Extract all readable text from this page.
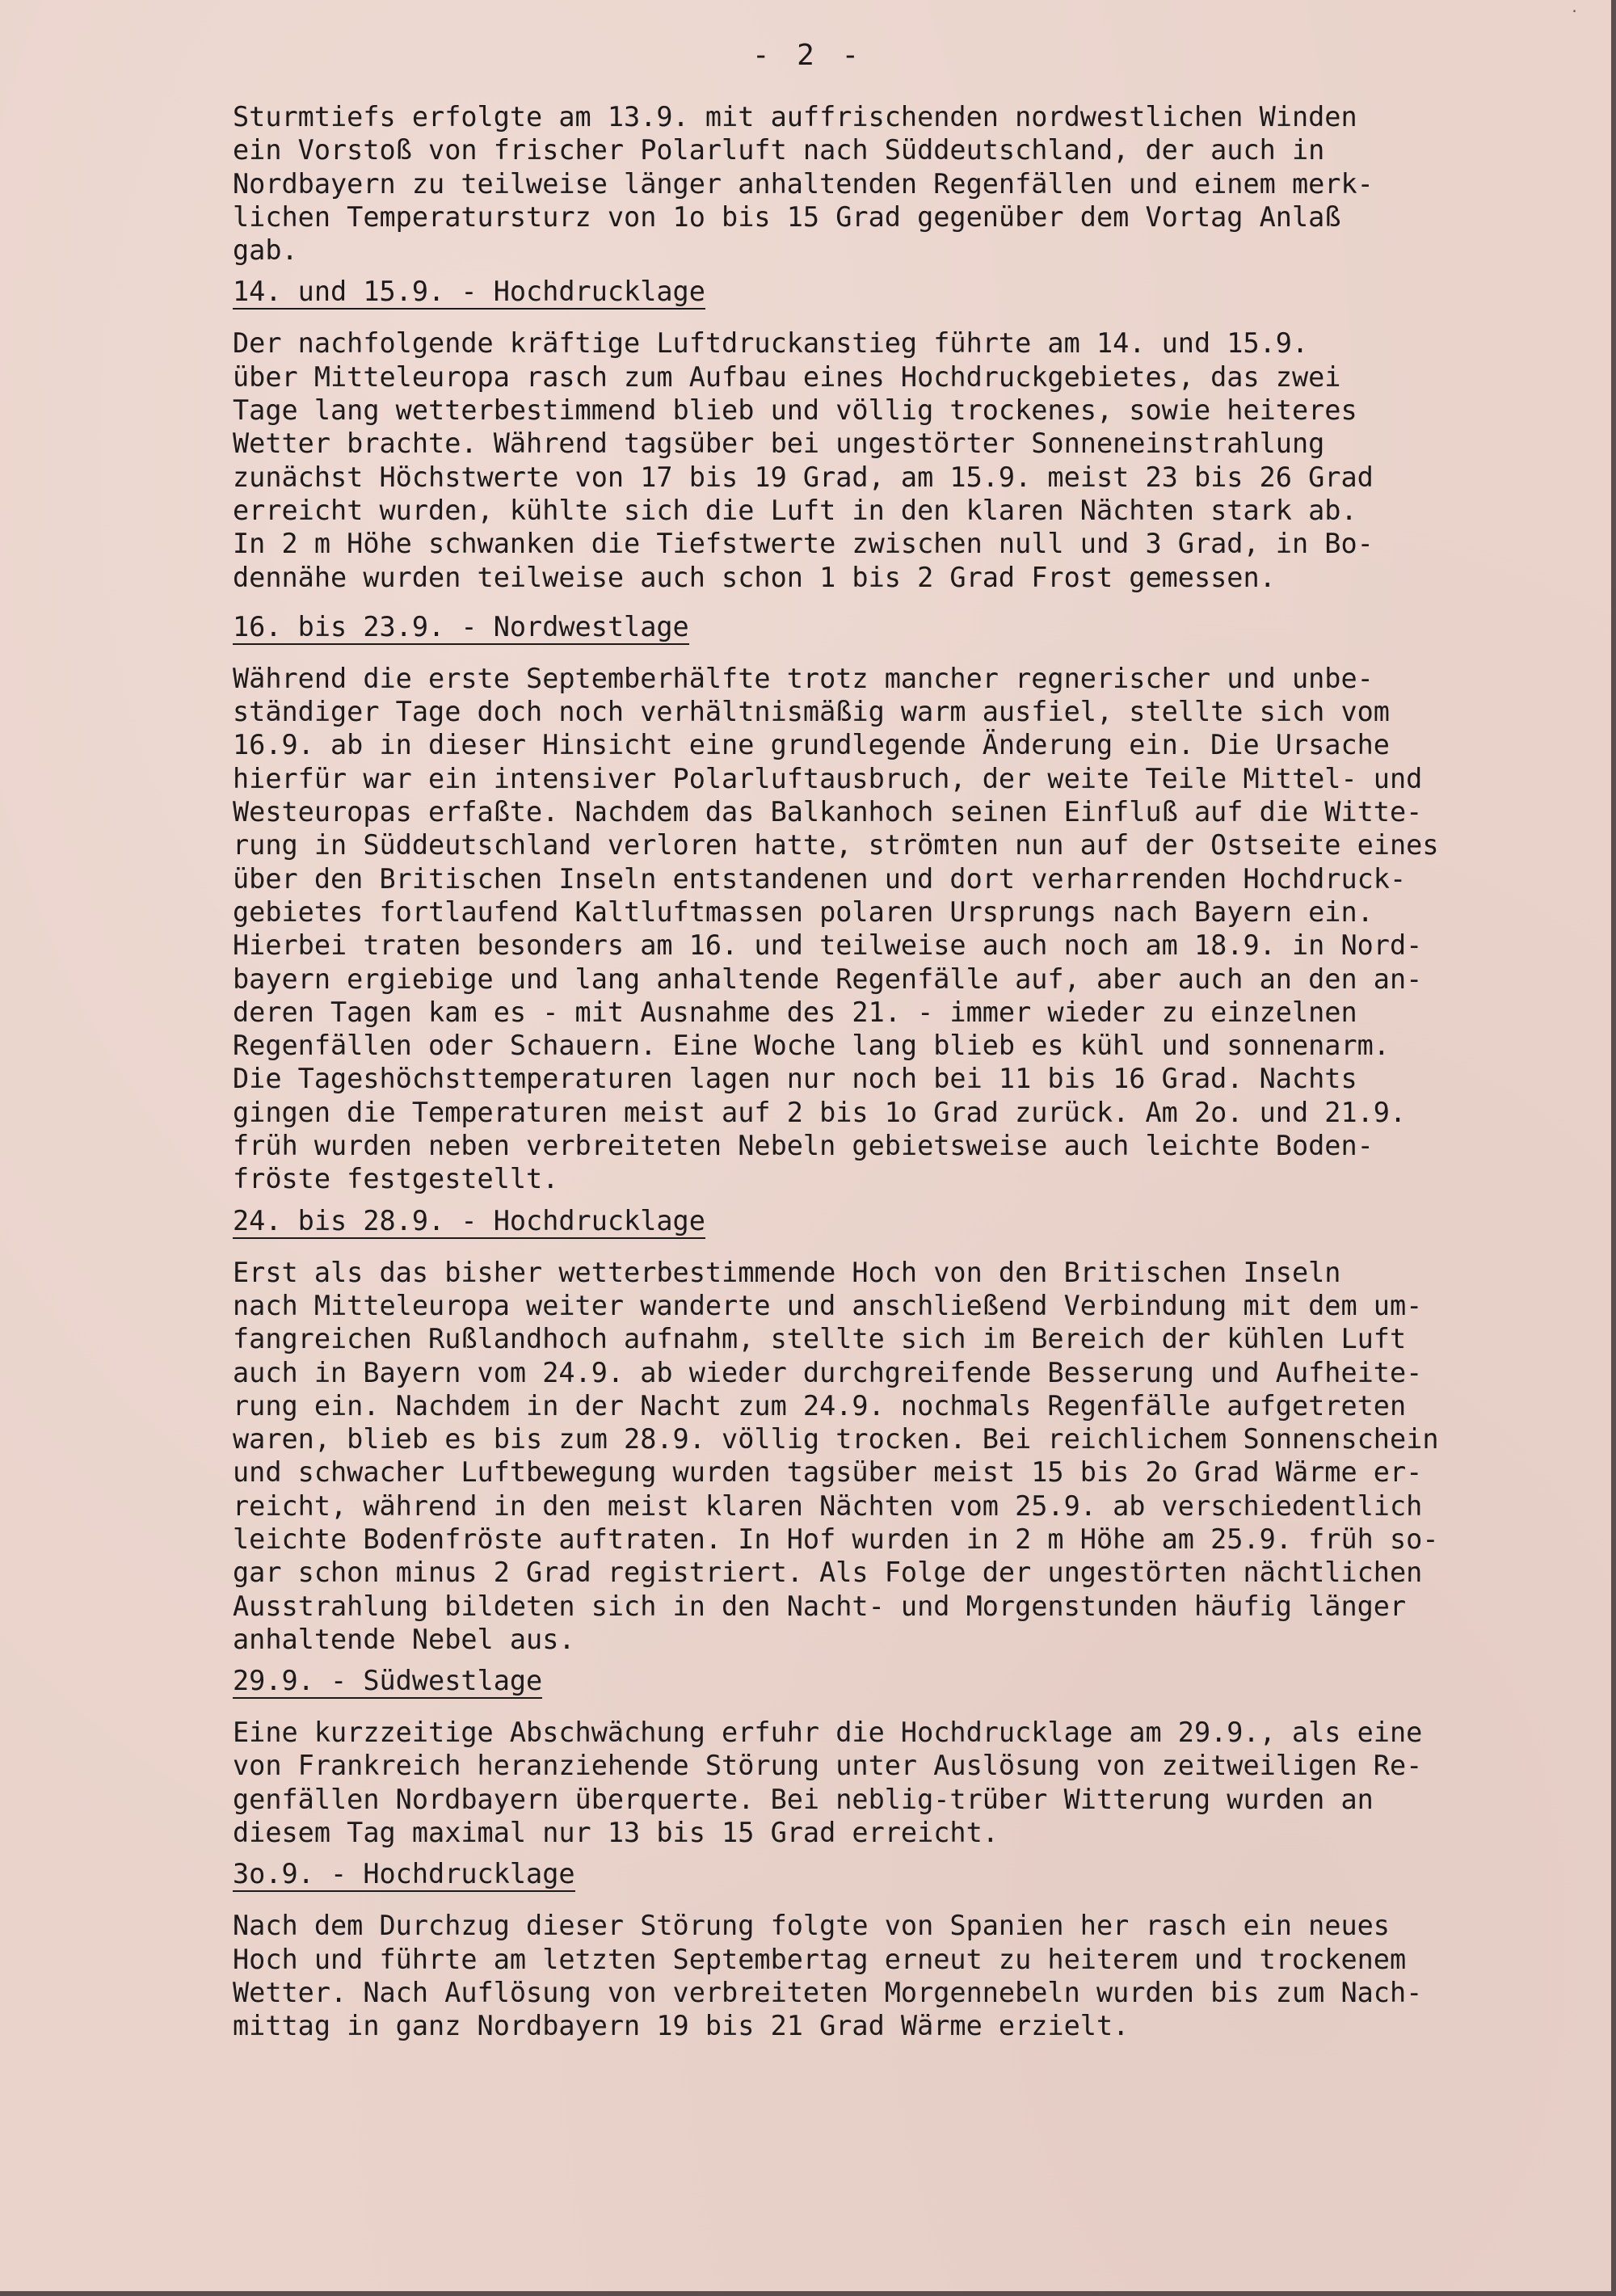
·
- 2 -
Sturmtiefs erfolgte am 13.9. mit auffrischenden nordwestlichen Winden
ein Vorstoß von frischer Polarluft nach Süddeutschland, der auch in
Nordbayern zu teilweise länger anhaltenden Regenfällen und einem merk-
lichen Temperatursturz von 1o bis 15 Grad gegenüber dem Vortag Anlaß
gab.
14. und 15.9. - Hochdrucklage
Der nachfolgende kräftige Luftdruckanstieg führte am 14. und 15.9.
über Mitteleuropa rasch zum Aufbau eines Hochdruckgebietes, das zwei
Tage lang wetterbestimmend blieb und völlig trockenes, sowie heiteres
Wetter brachte. Während tagsüber bei ungestörter Sonneneinstrahlung
zunächst Höchstwerte von 17 bis 19 Grad, am 15.9. meist 23 bis 26 Grad
erreicht wurden, kühlte sich die Luft in den klaren Nächten stark ab.
In 2 m Höhe schwanken die Tiefstwerte zwischen null und 3 Grad, in Bo-
dennähe wurden teilweise auch schon 1 bis 2 Grad Frost gemessen.
16. bis 23.9. - Nordwestlage
Während die erste Septemberhälfte trotz mancher regnerischer und unbe-
ständiger Tage doch noch verhältnismäßig warm ausfiel, stellte sich vom
16.9. ab in dieser Hinsicht eine grundlegende Änderung ein. Die Ursache
hierfür war ein intensiver Polarluftausbruch, der weite Teile Mittel- und
Westeuropas erfaßte. Nachdem das Balkanhoch seinen Einfluß auf die Witte-
rung in Süddeutschland verloren hatte, strömten nun auf der Ostseite eines
über den Britischen Inseln entstandenen und dort verharrenden Hochdruck-
gebietes fortlaufend Kaltluftmassen polaren Ursprungs nach Bayern ein.
Hierbei traten besonders am 16. und teilweise auch noch am 18.9. in Nord-
bayern ergiebige und lang anhaltende Regenfälle auf, aber auch an den an-
deren Tagen kam es - mit Ausnahme des 21. - immer wieder zu einzelnen
Regenfällen oder Schauern. Eine Woche lang blieb es kühl und sonnenarm.
Die Tageshöchsttemperaturen lagen nur noch bei 11 bis 16 Grad. Nachts
gingen die Temperaturen meist auf 2 bis 1o Grad zurück. Am 2o. und 21.9.
früh wurden neben verbreiteten Nebeln gebietsweise auch leichte Boden-
fröste festgestellt.
24. bis 28.9. - Hochdrucklage
Erst als das bisher wetterbestimmende Hoch von den Britischen Inseln
nach Mitteleuropa weiter wanderte und anschließend Verbindung mit dem um-
fangreichen Rußlandhoch aufnahm, stellte sich im Bereich der kühlen Luft
auch in Bayern vom 24.9. ab wieder durchgreifende Besserung und Aufheite-
rung ein. Nachdem in der Nacht zum 24.9. nochmals Regenfälle aufgetreten
waren, blieb es bis zum 28.9. völlig trocken. Bei reichlichem Sonnenschein
und schwacher Luftbewegung wurden tagsüber meist 15 bis 2o Grad Wärme er-
reicht, während in den meist klaren Nächten vom 25.9. ab verschiedentlich
leichte Bodenfröste auftraten. In Hof wurden in 2 m Höhe am 25.9. früh so-
gar schon minus 2 Grad registriert. Als Folge der ungestörten nächtlichen
Ausstrahlung bildeten sich in den Nacht- und Morgenstunden häufig länger
anhaltende Nebel aus.
29.9. - Südwestlage
Eine kurzzeitige Abschwächung erfuhr die Hochdrucklage am 29.9., als eine
von Frankreich heranziehende Störung unter Auslösung von zeitweiligen Re-
genfällen Nordbayern überquerte. Bei neblig-trüber Witterung wurden an
diesem Tag maximal nur 13 bis 15 Grad erreicht.
3o.9. - Hochdrucklage
Nach dem Durchzug dieser Störung folgte von Spanien her rasch ein neues
Hoch und führte am letzten Septembertag erneut zu heiterem und trockenem
Wetter. Nach Auflösung von verbreiteten Morgennebeln wurden bis zum Nach-
mittag in ganz Nordbayern 19 bis 21 Grad Wärme erzielt.
